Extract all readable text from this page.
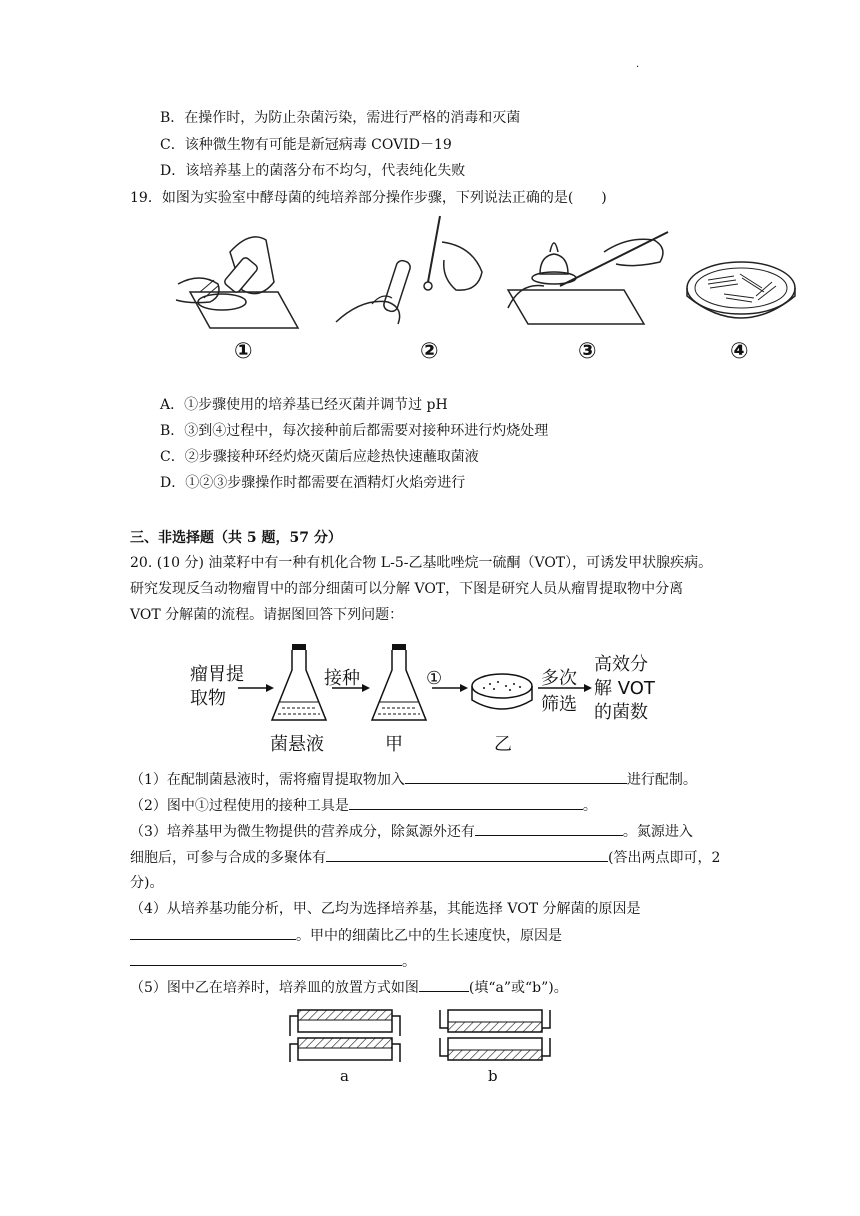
·
B．在操作时，为防止杂菌污染，需进行严格的消毒和灭菌
C．该种微生物有可能是新冠病毒 COVID－19
D．该培养基上的菌落分布不均匀，代表纯化失败
19．如图为实验室中酵母菌的纯培养部分操作步骤，下列说法正确的是(　　)
①	②	③	④
A．①步骤使用的培养基已经灭菌并调节过 pH
B．③到④过程中，每次接种前后都需要对接种环进行灼烧处理
C．②步骤接种环经灼烧灭菌后应趁热快速蘸取菌液
D．①②③步骤操作时都需要在酒精灯火焰旁进行
三、非选择题（共 5 题，57 分）
20. (10 分) 油菜籽中有一种有机化合物 L-5-乙基吡唑烷一硫酮（VOT），可诱发甲状腺疾病。
研究发现反刍动物瘤胃中的部分细菌可以分解 VOT，下图是研究人员从瘤胃提取物中分离
VOT 分解菌的流程。请据图回答下列问题：
瘤胃提
取物
接种	①	多次
筛选
高效分
解 VOT
的菌数
菌悬液	甲	乙
（1）在配制菌悬液时，需将瘤胃提取物加入	进行配制。
（2）图中①过程使用的接种工具是	。
（3）培养基甲为微生物提供的营养成分，除氮源外还有	。氮源进入
细胞后，可参与合成的多聚体有	(答出两点即可，2
分)。
（4）从培养基功能分析，甲、乙均为选择培养基，其能选择 VOT 分解菌的原因是
。甲中的细菌比乙中的生长速度快，原因是
。
（5）图中乙在培养时，培养皿的放置方式如图	(填“a”或“b”)。
a	b
